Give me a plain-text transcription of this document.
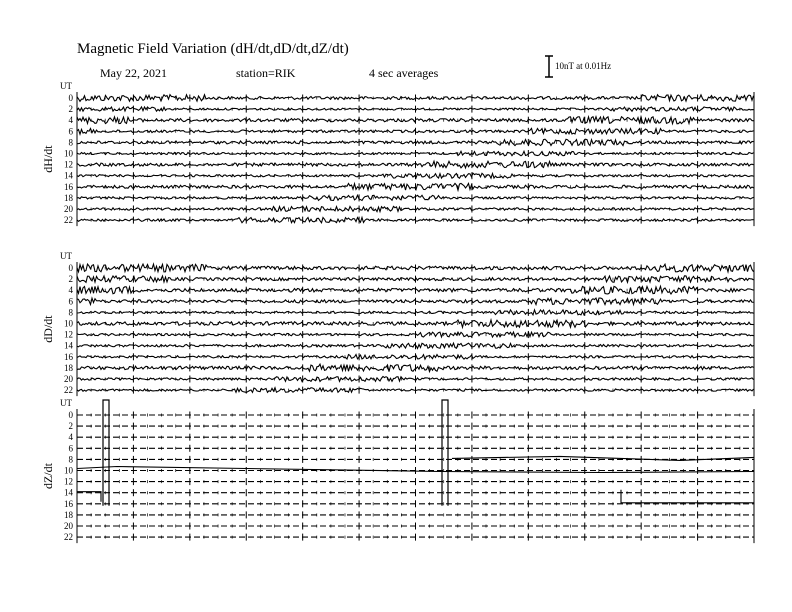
Magnetic Field Variation (dH/dt,dD/dt,dZ/dt)
May 22, 2021	station=RIK	4 sec averages	10nT at 0.01Hz
UT
dH/dt
0
2
4
6
8
10
12
14
16
18
20
22
UT
dD/dt
0
2
4
6
8
10
12
14
16
18
20
22
UT
dZ/dt
0
2
4
6
8
10
12
14
16
18
20
22
